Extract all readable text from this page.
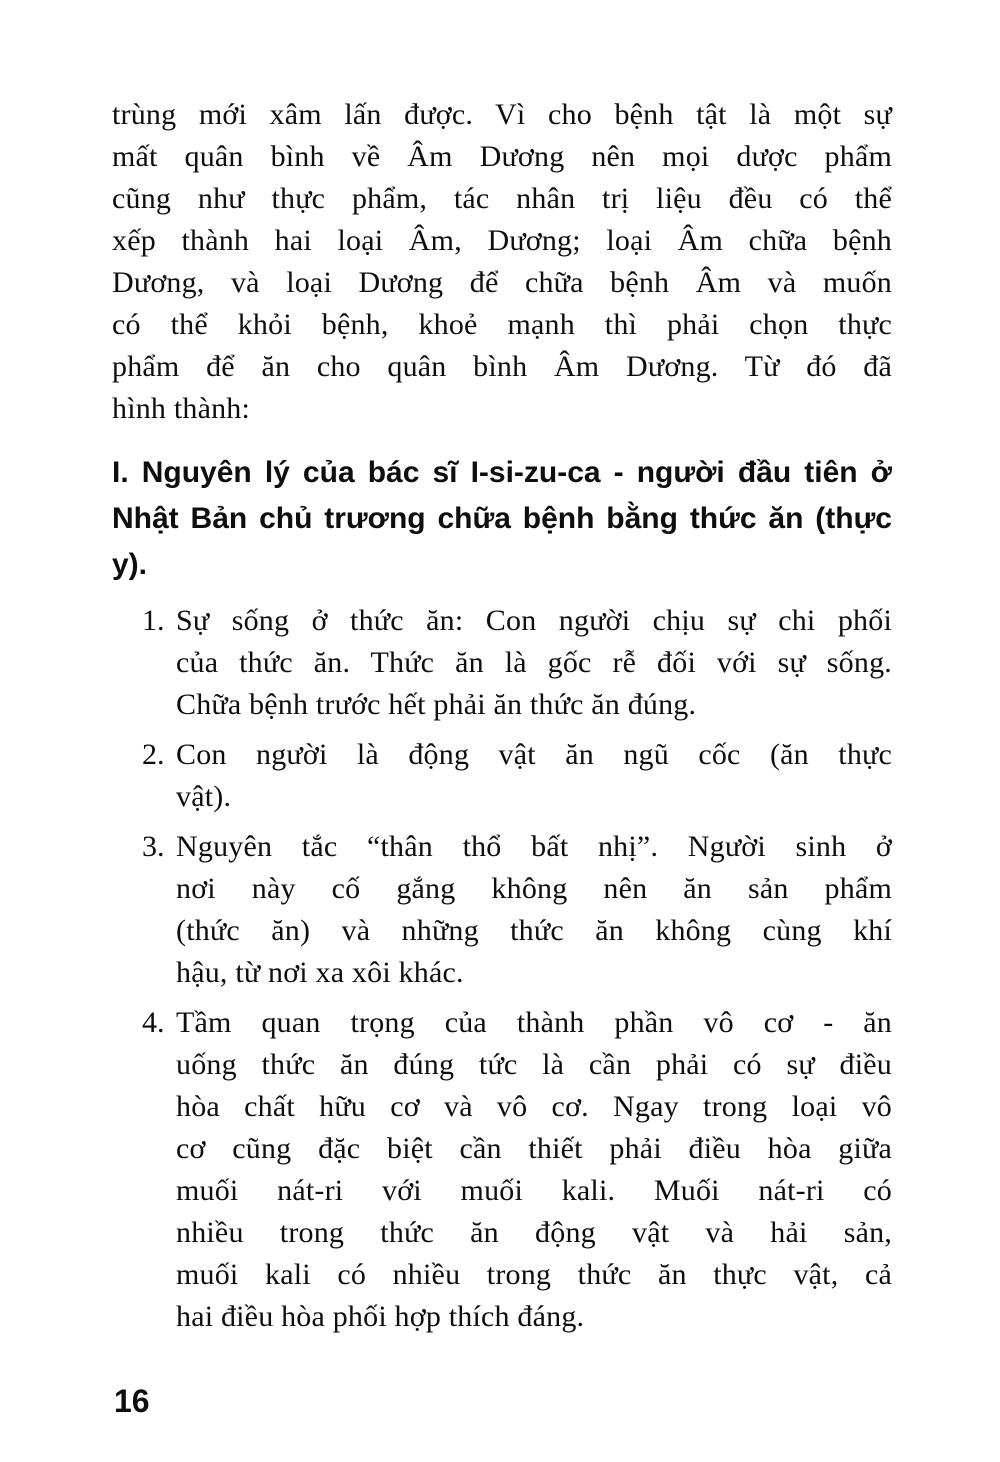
trùng mới xâm lấn được. Vì cho bệnh tật là một sự
mất quân bình về Âm Dương nên mọi dược phẩm
cũng như thực phẩm, tác nhân trị liệu đều có thể
xếp thành hai loại Âm, Dương; loại Âm chữa bệnh
Dương, và loại Dương để chữa bệnh Âm và muốn
có thể khỏi bệnh, khoẻ mạnh thì phải chọn thực
phẩm để ăn cho quân bình Âm Dương. Từ đó đã
hình thành:

I. Nguyên lý của bác sĩ I-si-zu-ca - người đầu tiên ở
Nhật Bản chủ trương chữa bệnh bằng thức ăn (thực y).
1. Sự sống ở thức ăn: Con người chịu sự chi phối
của thức ăn. Thức ăn là gốc rễ đối với sự sống.
Chữa bệnh trước hết phải ăn thức ăn đúng.
2. Con người là động vật ăn ngũ cốc (ăn thực
vật).
3. Nguyên tắc “thân thổ bất nhị”. Người sinh ở
nơi này cố gắng không nên ăn sản phẩm
(thức ăn) và những thức ăn không cùng khí
hậu, từ nơi xa xôi khác.
4. Tầm quan trọng của thành phần vô cơ - ăn
uống thức ăn đúng tức là cần phải có sự điều
hòa chất hữu cơ và vô cơ. Ngay trong loại vô
cơ cũng đặc biệt cần thiết phải điều hòa giữa
muối nát-ri với muối kali. Muối nát-ri có
nhiều trong thức ăn động vật và hải sản,
muối kali có nhiều trong thức ăn thực vật, cả
hai điều hòa phối hợp thích đáng.
16
